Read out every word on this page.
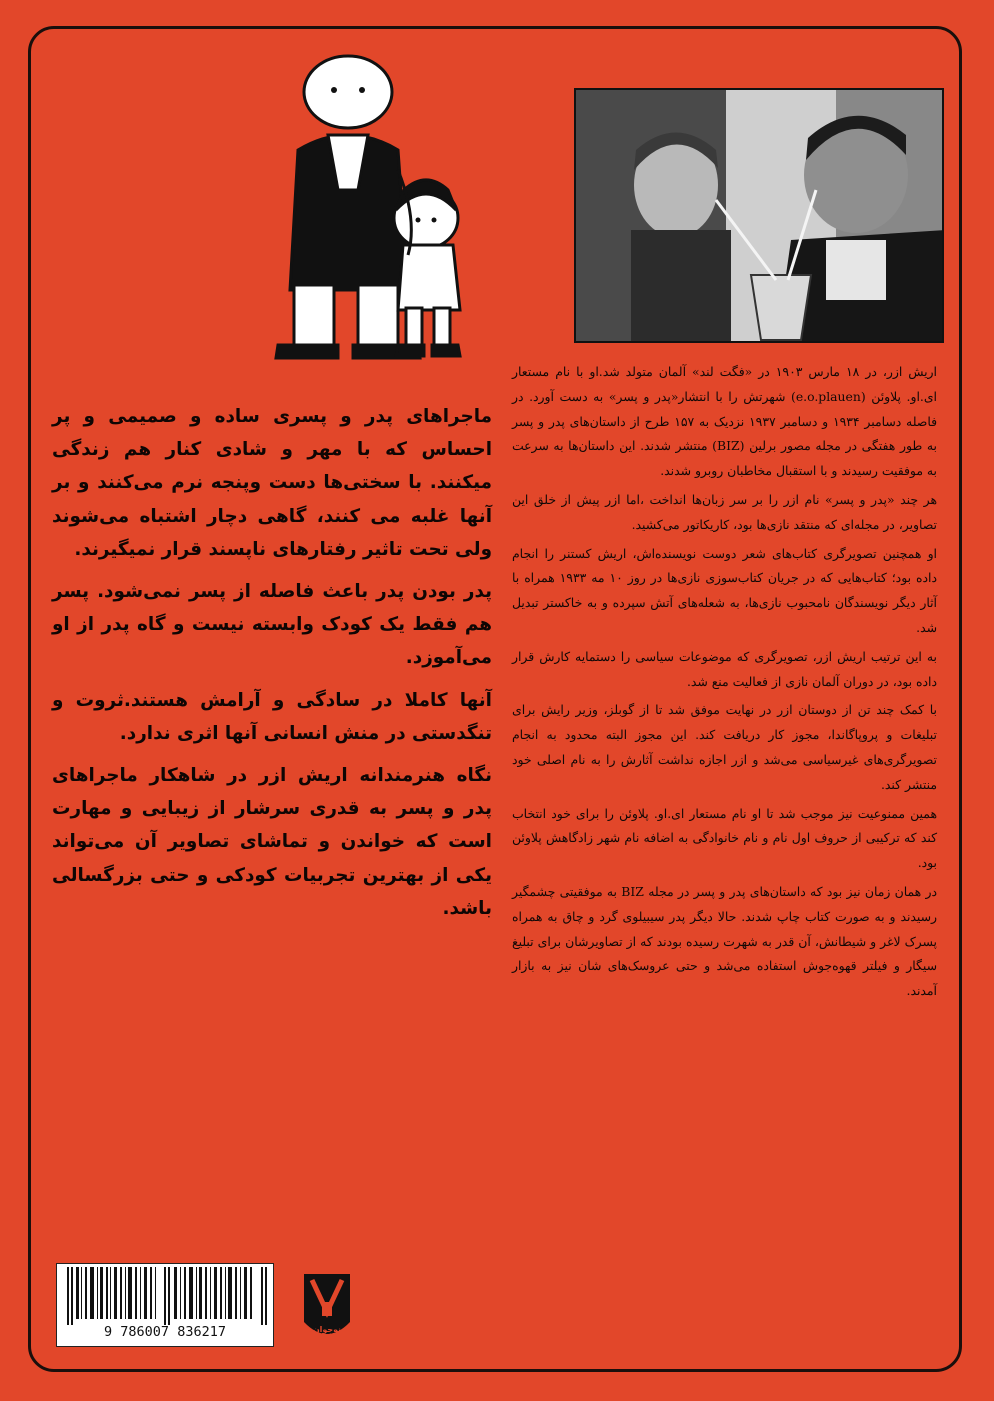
اریش ازر، در ۱۸ مارس ۱۹۰۳ در «فگت لند» آلمان متولد شد.او با نام مستعار ای.او. پلاوئن (e.o.plauen) شهرتش را با انتشار«پدر و پسر» به دست آورد. در فاصله دسامبر ۱۹۳۴ و دسامبر ۱۹۳۷ نزدیک به ۱۵۷ طرح از داستان‌های پدر و پسر به طور هفتگی در مجله مصور برلین (BIZ) منتشر شدند. این داستان‌ها به سرعت به موفقیت رسیدند و با استقبال مخاطبان روبرو شدند.

هر چند «پدر و پسر» نام ازر را بر سر زبان‌ها انداخت ،اما ازر پیش از خلق این تصاویر، در مجله‌ای که منتقد نازی‌ها بود، کاریکاتور می‌کشید.

او همچنین تصویرگری کتاب‌های شعر دوست نویسنده‌اش، اریش کستنر را انجام داده بود؛ کتاب‌هایی که در جریان کتاب‌سوزی نازی‌ها در روز ۱۰ مه ۱۹۳۳ همراه با آثار دیگر نویسندگان نامحبوب نازی‌ها، به شعله‌های آتش سپرده و به خاکستر تبدیل شد.

به این ترتیب اریش ازر، تصویرگری که موضوعات سیاسی را دستمایه کارش قرار داده بود، در دوران آلمان نازی از فعالیت منع شد.

با کمک چند تن از دوستان ازر در نهایت موفق شد تا از گوبلز، وزیر رایش برای تبلیغات و پروپاگاندا، مجوز کار دریافت کند. این مجوز البته محدود به انجام تصویرگری‌های غیرسیاسی می‌شد و ازر اجازه نداشت آثارش را به نام اصلی خود منتشر کند.

همین ممنوعیت نیز موجب شد تا او نام مستعار ای.او. پلاوئن را برای خود انتخاب کند که ترکیبی از حروف اول نام و نام خانوادگی به اضافه نام شهر زادگاهش پلاوئن بود.

در همان زمان نیز بود که داستان‌های پدر و پسر در مجله BIZ به موفقیتی چشمگیر رسیدند و به صورت کتاب چاپ شدند. حالا دیگر پدر سیبیلوی گرد و چاق به همراه پسرک لاغر و شیطانش، آن قدر به شهرت رسیده بودند که از تصاویرشان برای تبلیغ سیگار و فیلتر قهوه‌جوش استفاده می‌شد و حتی عروسک‌های شان نیز به بازار آمدند.

ماجراهای پدر و پسری ساده و صمیمی و پر احساس که با مهر و شادی کنار هم زندگی میکنند. با سختی‌ها دست وپنجه نرم می‌کنند و بر آنها غلبه می کنند، گاهی دچار اشتباه می‌شوند ولی تحت تاثیر رفتارهای ناپسند قرار نمیگیرند.

پدر بودن پدر باعث فاصله از پسر نمی‌شود. پسر هم فقط یک کودک وابسته نیست و گاه پدر از او می‌آموزد.

آنها کاملا در سادگی و آرامش هستند.ثروت و تنگدستی در منش انسانی آنها اثری ندارد.

نگاه هنرمندانه اریش ازر در شاهکار ماجراهای پدر و پسر به قدری سرشار از زیبایی و مهارت است که خواندن و تماشای تصاویر آن می‌تواند یکی از بهترین تجربیات کودکی و حتی بزرگسالی باشد.

9 786007 836217	نوجوان
